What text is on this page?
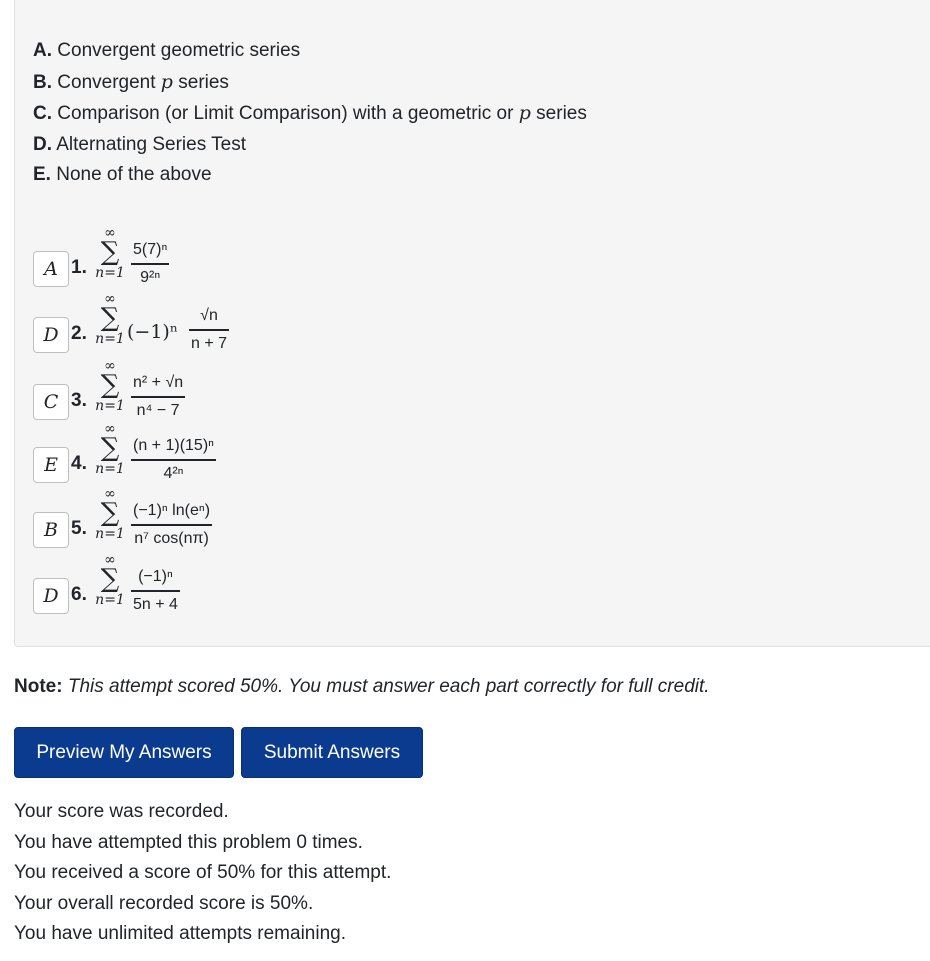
A. Convergent geometric series
B. Convergent p series
C. Comparison (or Limit Comparison) with a geometric or p series
D. Alternating Series Test
E. None of the above
A 1.
∞
∑
n=1
5(7)ⁿ
9²ⁿ
D 2.
∞
∑
n=1 (−1)ⁿ
√n
n + 7
C 3.
∞
∑
n=1
n² + √n
n⁴ − 7
E 4.
∞
∑
n=1
(n + 1)(15)ⁿ
4²ⁿ
B 5.
∞
∑
n=1
(−1)ⁿ ln(eⁿ)
n⁷ cos(nπ)
D 6.
∞
∑
n=1
(−1)ⁿ
5n + 4
Note: This attempt scored 50%. You must answer each part correctly for full credit.
Preview My Answers	Submit Answers
Your score was recorded.
You have attempted this problem 0 times.
You received a score of 50% for this attempt.
Your overall recorded score is 50%.
You have unlimited attempts remaining.
